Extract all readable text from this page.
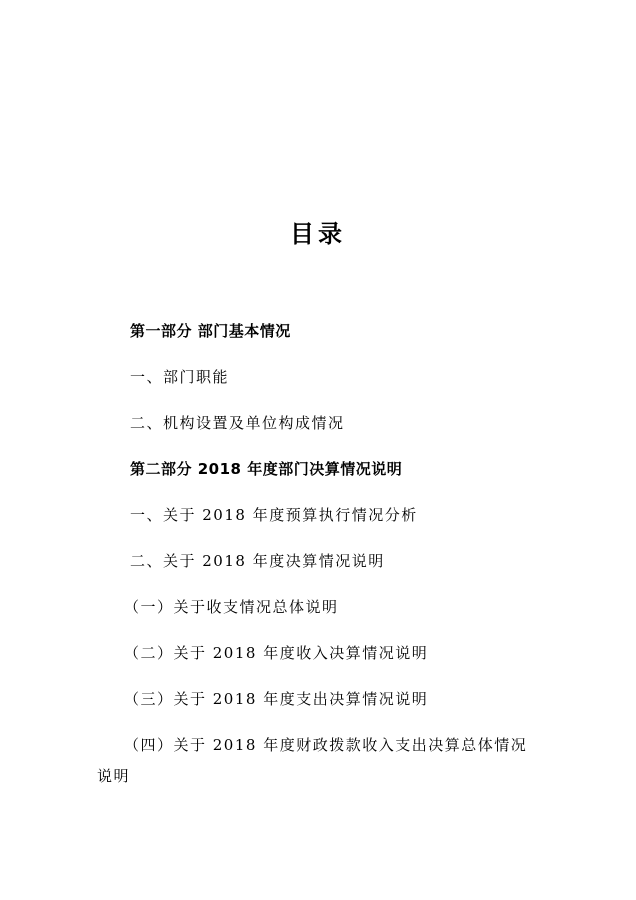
目录
第一部分 部门基本情况
一、部门职能
二、机构设置及单位构成情况
第二部分 2018 年度部门决算情况说明
一、关于 2018 年度预算执行情况分析
二、关于 2018 年度决算情况说明
（一）关于收支情况总体说明
（二）关于 2018 年度收入决算情况说明
（三）关于 2018 年度支出决算情况说明
（四）关于 2018 年度财政拨款收入支出决算总体情况
说明
